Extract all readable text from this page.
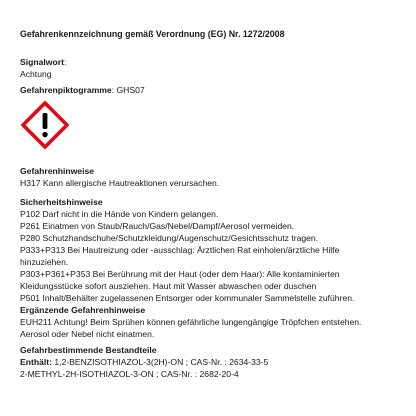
Gefahrenkennzeichnung gemäß Verordnung (EG) Nr. 1272/2008
Signalwort:
Achtung
Gefahrenpiktogramme: GHS07
Gefahrenhinweise
H317 Kann allergische Hautreaktionen verursachen.
Sicherheitshinweise
P102 Darf nicht in die Hände von Kindern gelangen.
P261 Einatmen von Staub/Rauch/Gas/Nebel/Dampf/Aerosol vermeiden.
P280 Schutzhandschuhe/Schutzkleidung/Augenschutz/Gesichtsschutz tragen.
P333+P313 Bei Hautreizung oder -ausschlag: Ärztlichen Rat einholen/ärztliche Hilfe
hinzuziehen.
P303+P361+P353 Bei Berührung mit der Haut (oder dem Haar): Alle kontaminierten
Kleidungsstücke sofort ausziehen. Haut mit Wasser abwaschen oder duschen
P501 Inhalt/Behälter zugelassenen Entsorger oder kommunaler Sammelstelle zuführen.
Ergänzende Gefahrenhinweise
EUH211 Achtung! Beim Sprühen können gefährliche lungengängige Tröpfchen entstehen.
Aerosol oder Nebel nicht einatmen.
Gefahrbestimmende Bestandteile
Enthält: 1,2-BENZISOTHIAZOL-3(2H)-ON ; CAS-Nr. : 2634-33-5
2-METHYL-2H-ISOTHIAZOL-3-ON ; CAS-Nr. : 2682-20-4
